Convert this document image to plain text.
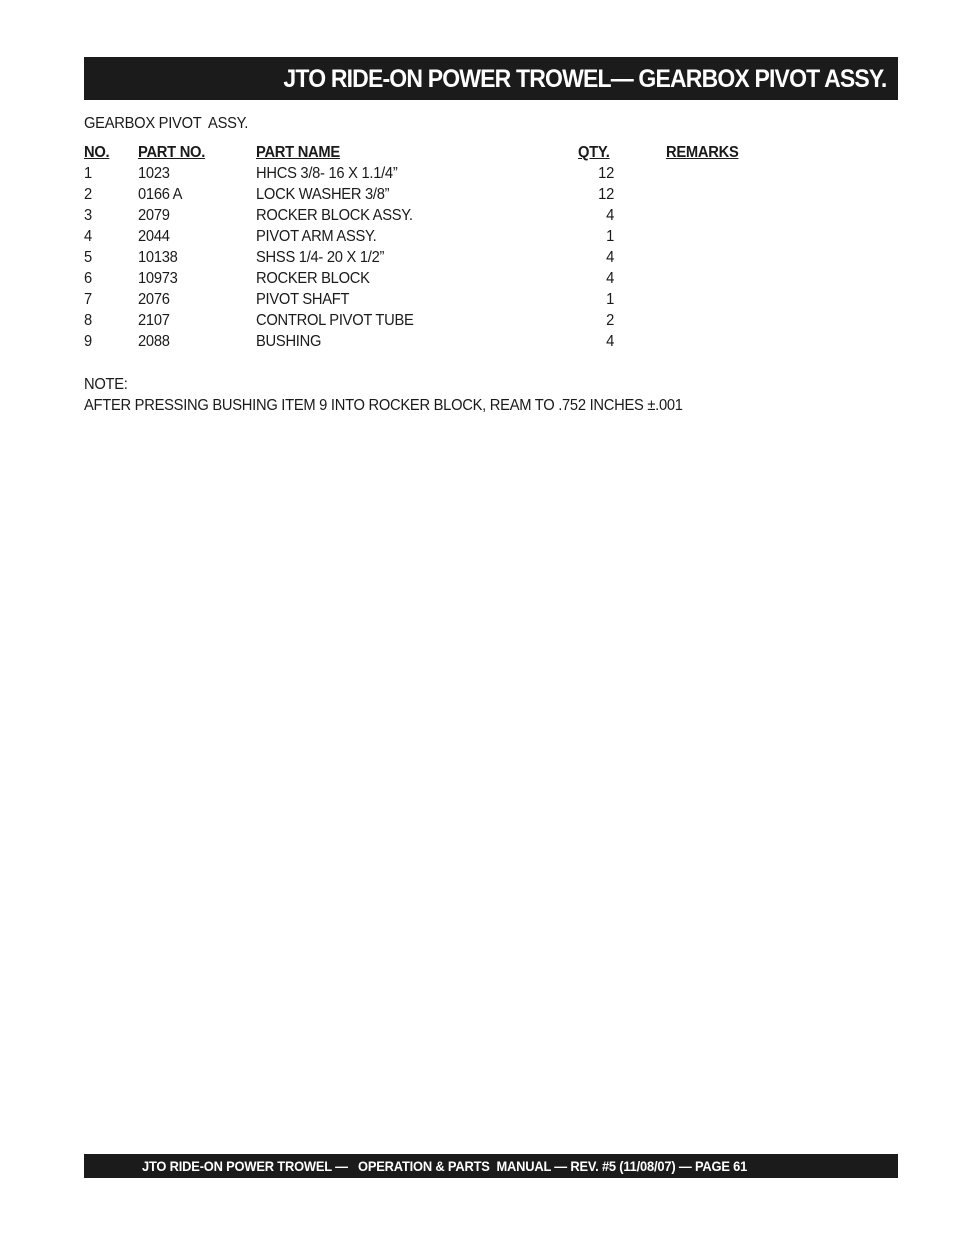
JTO RIDE-ON POWER TROWEL— GEARBOX PIVOT ASSY.
GEARBOX PIVOT  ASSY.
NO. PART NO.	PART NAME	QTY.	REMARKS
1	1023	HHCS 3/8- 16 X 1.1/4”	12
2	0166 A	LOCK WASHER 3/8”	12
3	2079	ROCKER BLOCK ASSY.	4
4	2044	PIVOT ARM ASSY.	1
5	10138	SHSS 1/4- 20 X 1/2”	4
6	10973	ROCKER BLOCK	4
7	2076	PIVOT SHAFT	1
8	2107	CONTROL PIVOT TUBE	2
9	2088	BUSHING	4
NOTE:
AFTER PRESSING BUSHING ITEM 9 INTO ROCKER BLOCK, REAM TO .752 INCHES ±.001
JTO RIDE-ON POWER TROWEL —   OPERATION & PARTS  MANUAL — REV. #5 (11/08/07) — PAGE 61
